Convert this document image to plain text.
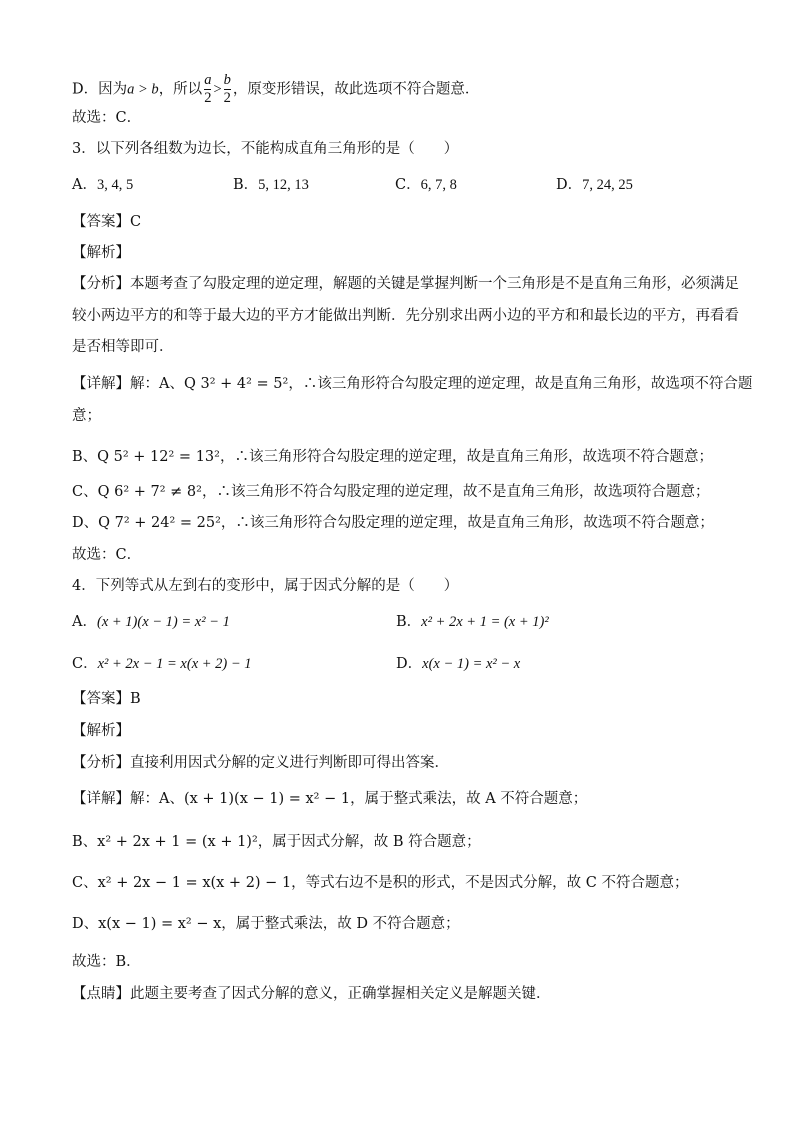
D．因为a > b，所以 $\frac{a}{2} > \frac{b}{2}$ ，原变形错误，故此选项不符合题意．
故选：C．
3．以下列各组数为边长，不能构成直角三角形的是（　　）
A．3, 4, 5	B．5, 12, 13	C．6, 7, 8	D．7, 24, 25
【答案】C
【解析】
【分析】本题考查了勾股定理的逆定理，解题的关键是掌握判断一个三角形是不是直角三角形，必须满足
较小两边平方的和等于最大边的平方才能做出判断．先分别求出两小边的平方和和最长边的平方，再看看
是否相等即可．
【详解】解：A、Q 3² + 4² = 5²，∴该三角形符合勾股定理的逆定理，故是直角三角形，故选项不符合题
意；
B、Q 5² + 12² = 13²，∴该三角形符合勾股定理的逆定理，故是直角三角形，故选项不符合题意；
C、Q 6² + 7² ≠ 8²，∴该三角形不符合勾股定理的逆定理，故不是直角三角形，故选项符合题意；
D、Q 7² + 24² = 25²，∴该三角形符合勾股定理的逆定理，故是直角三角形，故选项不符合题意；
故选：C．
4．下列等式从左到右的变形中，属于因式分解的是（　　）
A．(x + 1)(x − 1) = x² − 1	B．x² + 2x + 1 = (x + 1)²
C．x² + 2x − 1 = x(x + 2) − 1	D．x(x − 1) = x² − x
【答案】B
【解析】
【分析】直接利用因式分解的定义进行判断即可得出答案．
【详解】解：A、(x + 1)(x − 1) = x² − 1，属于整式乘法，故 A 不符合题意；
B、x² + 2x + 1 = (x + 1)²，属于因式分解，故 B 符合题意；
C、x² + 2x − 1 = x(x + 2) − 1，等式右边不是积的形式，不是因式分解，故 C 不符合题意；
D、x(x − 1) = x² − x，属于整式乘法，故 D 不符合题意；
故选：B．
【点睛】此题主要考查了因式分解的意义，正确掌握相关定义是解题关键．
